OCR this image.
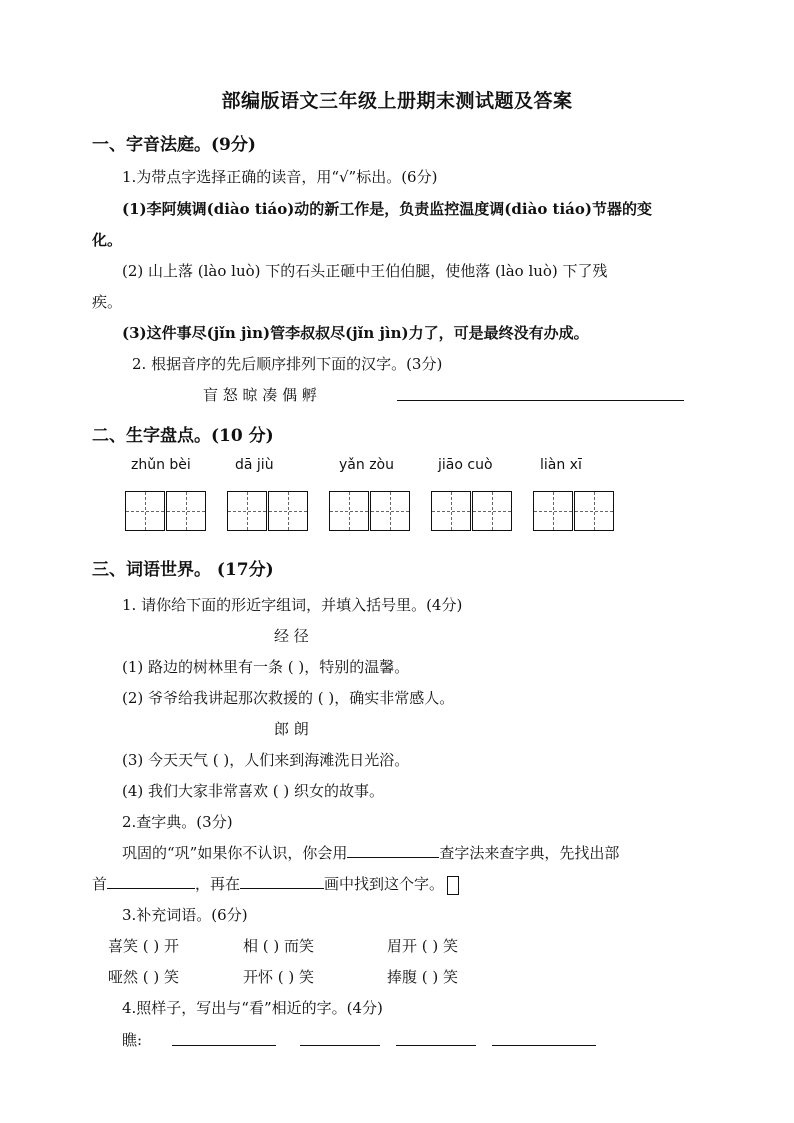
部编版语文三年级上册期末测试题及答案
一、字音法庭。(9分)
1.为带点字选择正确的读音，用“√”标出。(6分)
(1)李阿姨调(diào tiáo)动的新工作是，负责监控温度调(diào tiáo)节器的变
化。
(2) 山上落 (lào luò) 下的石头正砸中王伯伯腿，使他落 (lào luò) 下了残
疾。
(3)这件事尽(jǐn jìn)管李叔叔尽(jǐn jìn)力了，可是最终没有办成。
2. 根据音序的先后顺序排列下面的汉字。(3分)
盲 怒 晾 凑 偶 孵
二、生字盘点。(10 分)
zhǔn bèi	dā jiù	yǎn zòu	jiāo cuò	liàn xī
三、词语世界。 (17分)
1. 请你给下面的形近字组词，并填入括号里。(4分)
经 径
(1) 路边的树林里有一条 ( )，特别的温馨。
(2) 爷爷给我讲起那次救援的 ( )，确实非常感人。
郎 朗
(3) 今天天气 ( )，人们来到海滩洗日光浴。
(4) 我们大家非常喜欢 ( ) 织女的故事。
2.查字典。(3分)
巩固的“巩”如果你不认识，你会用	查字法来查字典，先找出部
首	，再在	画中找到这个字。
3.补充词语。(6分)
喜笑 ( ) 开	相 ( ) 而笑	眉开 ( ) 笑
哑然 ( ) 笑	开怀 ( ) 笑	捧腹 ( ) 笑
4.照样子，写出与“看”相近的字。(4分)
瞧:
